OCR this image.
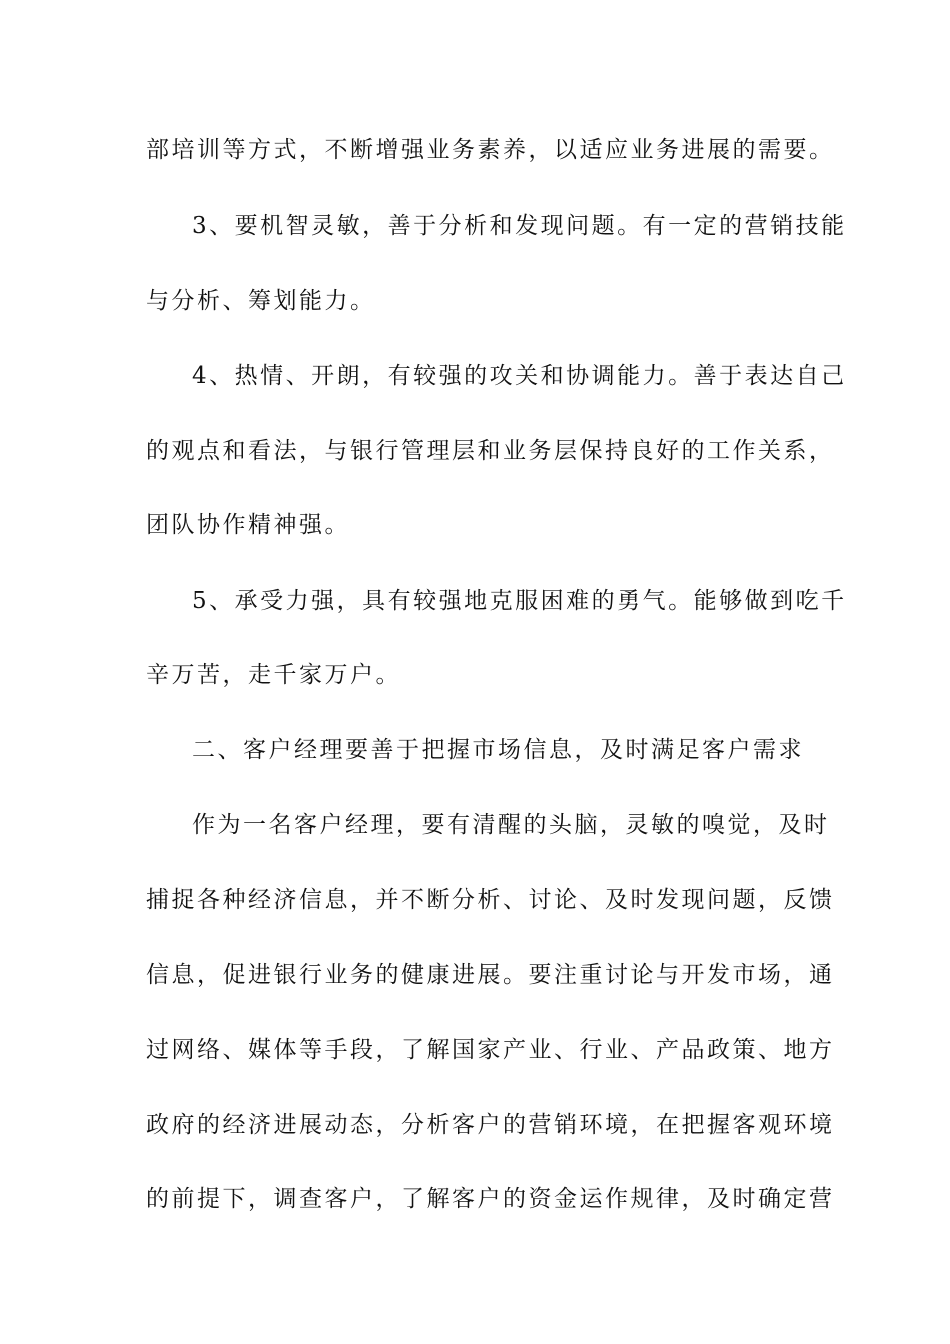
部培训等方式，不断增强业务素养，以适应业务进展的需要。
3、要机智灵敏，善于分析和发现问题。有一定的营销技能
与分析、筹划能力。
4、热情、开朗，有较强的攻关和协调能力。善于表达自己
的观点和看法，与银行管理层和业务层保持良好的工作关系，
团队协作精神强。
5、承受力强，具有较强地克服困难的勇气。能够做到吃千
辛万苦，走千家万户。
二、客户经理要善于把握市场信息，及时满足客户需求
作为一名客户经理，要有清醒的头脑，灵敏的嗅觉，及时
捕捉各种经济信息，并不断分析、讨论、及时发现问题，反馈
信息，促进银行业务的健康进展。要注重讨论与开发市场，通
过网络、媒体等手段，了解国家产业、行业、产品政策、地方
政府的经济进展动态，分析客户的营销环境，在把握客观环境
的前提下，调查客户，了解客户的资金运作规律，及时确定营
